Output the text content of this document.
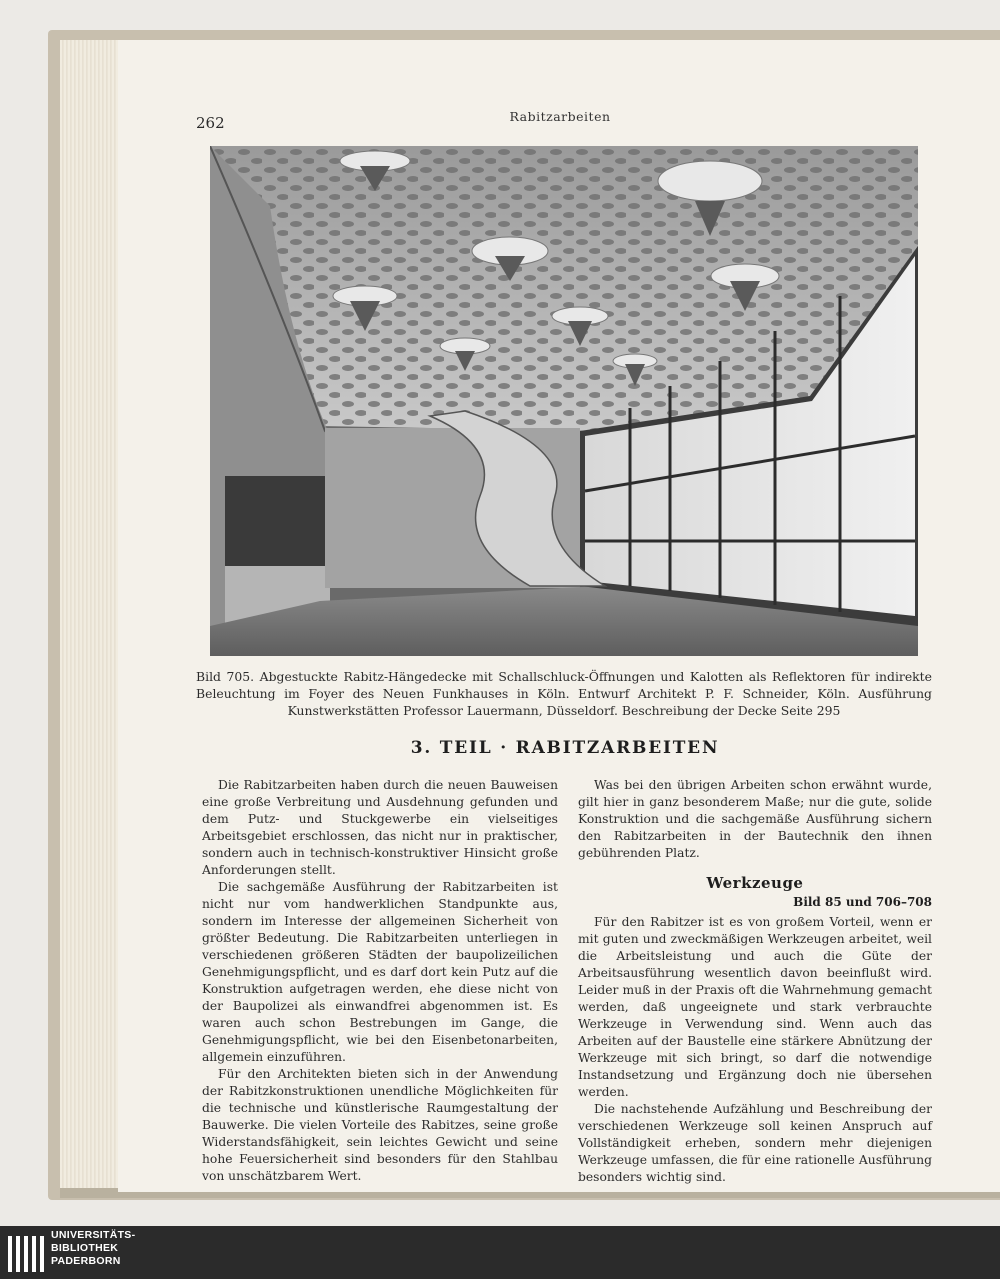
262	Rabitzarbeiten
Bild 705. Abgestuckte Rabitz-Hängedecke mit Schallschluck-Öffnungen und Kalotten als Reflektoren für indirekte Beleuchtung im Foyer des Neuen Funkhauses in Köln. Entwurf Architekt P. F. Schneider, Köln. Ausführung Kunstwerkstätten Professor Lauermann, Düsseldorf. Beschreibung der Decke Seite 295
3. TEIL · RABITZARBEITEN

Die Rabitzarbeiten haben durch die neuen Bauweisen eine große Verbreitung und Ausdehnung gefunden und dem Putz- und Stuckgewerbe ein vielseitiges Arbeitsgebiet erschlossen, das nicht nur in praktischer, sondern auch in technisch-konstruktiver Hinsicht große Anforderungen stellt.

Die sachgemäße Ausführung der Rabitzarbeiten ist nicht nur vom handwerklichen Standpunkte aus, sondern im Interesse der allgemeinen Sicherheit von größter Bedeutung. Die Rabitzarbeiten unterliegen in verschiedenen größeren Städten der baupolizeilichen Genehmigungspflicht, und es darf dort kein Putz auf die Konstruktion aufgetragen werden, ehe diese nicht von der Baupolizei als einwandfrei abgenommen ist. Es waren auch schon Bestrebungen im Gange, die Genehmigungspflicht, wie bei den Eisenbetonarbeiten, allgemein einzuführen.

Für den Architekten bieten sich in der Anwendung der Rabitzkonstruktionen unendliche Möglichkeiten für die technische und künstlerische Raumgestaltung der Bauwerke. Die vielen Vorteile des Rabitzes, seine große Widerstandsfähigkeit, sein leichtes Gewicht und seine hohe Feuersicherheit sind besonders für den Stahlbau von unschätzbarem Wert.

Was bei den übrigen Arbeiten schon erwähnt wurde, gilt hier in ganz besonderem Maße; nur die gute, solide Konstruktion und die sachgemäße Ausführung sichern den Rabitzarbeiten in der Bautechnik den ihnen gebührenden Platz.

Werkzeuge
Bild 85 und 706–708

Für den Rabitzer ist es von großem Vorteil, wenn er mit guten und zweckmäßigen Werkzeugen arbeitet, weil die Arbeitsleistung und auch die Güte der Arbeitsausführung wesentlich davon beeinflußt wird. Leider muß in der Praxis oft die Wahrnehmung gemacht werden, daß ungeeignete und stark verbrauchte Werkzeuge in Verwendung sind. Wenn auch das Arbeiten auf der Baustelle eine stärkere Abnützung der Werkzeuge mit sich bringt, so darf die notwendige Instandsetzung und Ergänzung doch nie übersehen werden.

Die nachstehende Aufzählung und Beschreibung der verschiedenen Werkzeuge soll keinen Anspruch auf Vollständigkeit erheben, sondern mehr diejenigen Werkzeuge umfassen, die für eine rationelle Ausführung besonders wichtig sind.

UNIVERSITÄTS-
BIBLIOTHEK
PADERBORN
